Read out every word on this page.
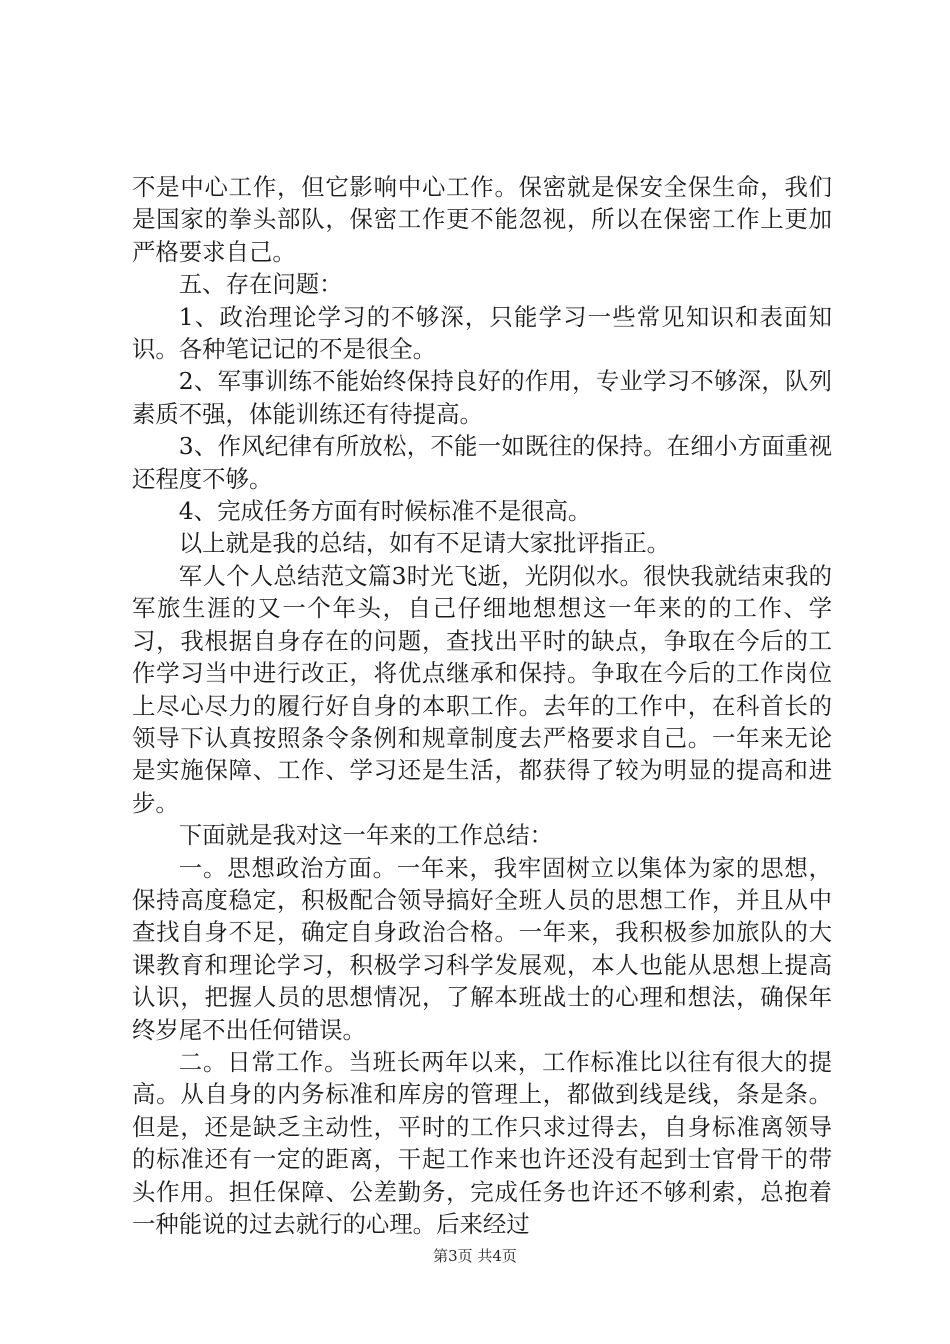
不是中心工作，但它影响中心工作。保密就是保安全保生命，我们是国家的拳头部队，保密工作更不能忽视，所以在保密工作上更加严格要求自己。

五、存在问题：

1、政治理论学习的不够深，只能学习一些常见知识和表面知识。各种笔记记的不是很全。

2、军事训练不能始终保持良好的作用，专业学习不够深，队列素质不强，体能训练还有待提高。

3、作风纪律有所放松，不能一如既往的保持。在细小方面重视还程度不够。

4、完成任务方面有时候标准不是很高。

以上就是我的总结，如有不足请大家批评指正。

军人个人总结范文篇3时光飞逝，光阴似水。很快我就结束我的军旅生涯的又一个年头，自己仔细地想想这一年来的的工作、学习，我根据自身存在的问题，查找出平时的缺点，争取在今后的工作学习当中进行改正，将优点继承和保持。争取在今后的工作岗位上尽心尽力的履行好自身的本职工作。去年的工作中，在科首长的领导下认真按照条令条例和规章制度去严格要求自己。一年来无论是实施保障、工作、学习还是生活，都获得了较为明显的提高和进步。

下面就是我对这一年来的工作总结：

一。思想政治方面。一年来，我牢固树立以集体为家的思想，保持高度稳定，积极配合领导搞好全班人员的思想工作，并且从中查找自身不足，确定自身政治合格。一年来，我积极参加旅队的大课教育和理论学习，积极学习科学发展观，本人也能从思想上提高认识，把握人员的思想情况，了解本班战士的心理和想法，确保年终岁尾不出任何错误。

二。日常工作。当班长两年以来，工作标准比以往有很大的提高。从自身的内务标准和库房的管理上，都做到线是线，条是条。但是，还是缺乏主动性，平时的工作只求过得去，自身标准离领导的标准还有一定的距离，干起工作来也许还没有起到士官骨干的带头作用。担任保障、公差勤务，完成任务也许还不够利索，总抱着一种能说的过去就行的心理。后来经过

第3页 共4页
